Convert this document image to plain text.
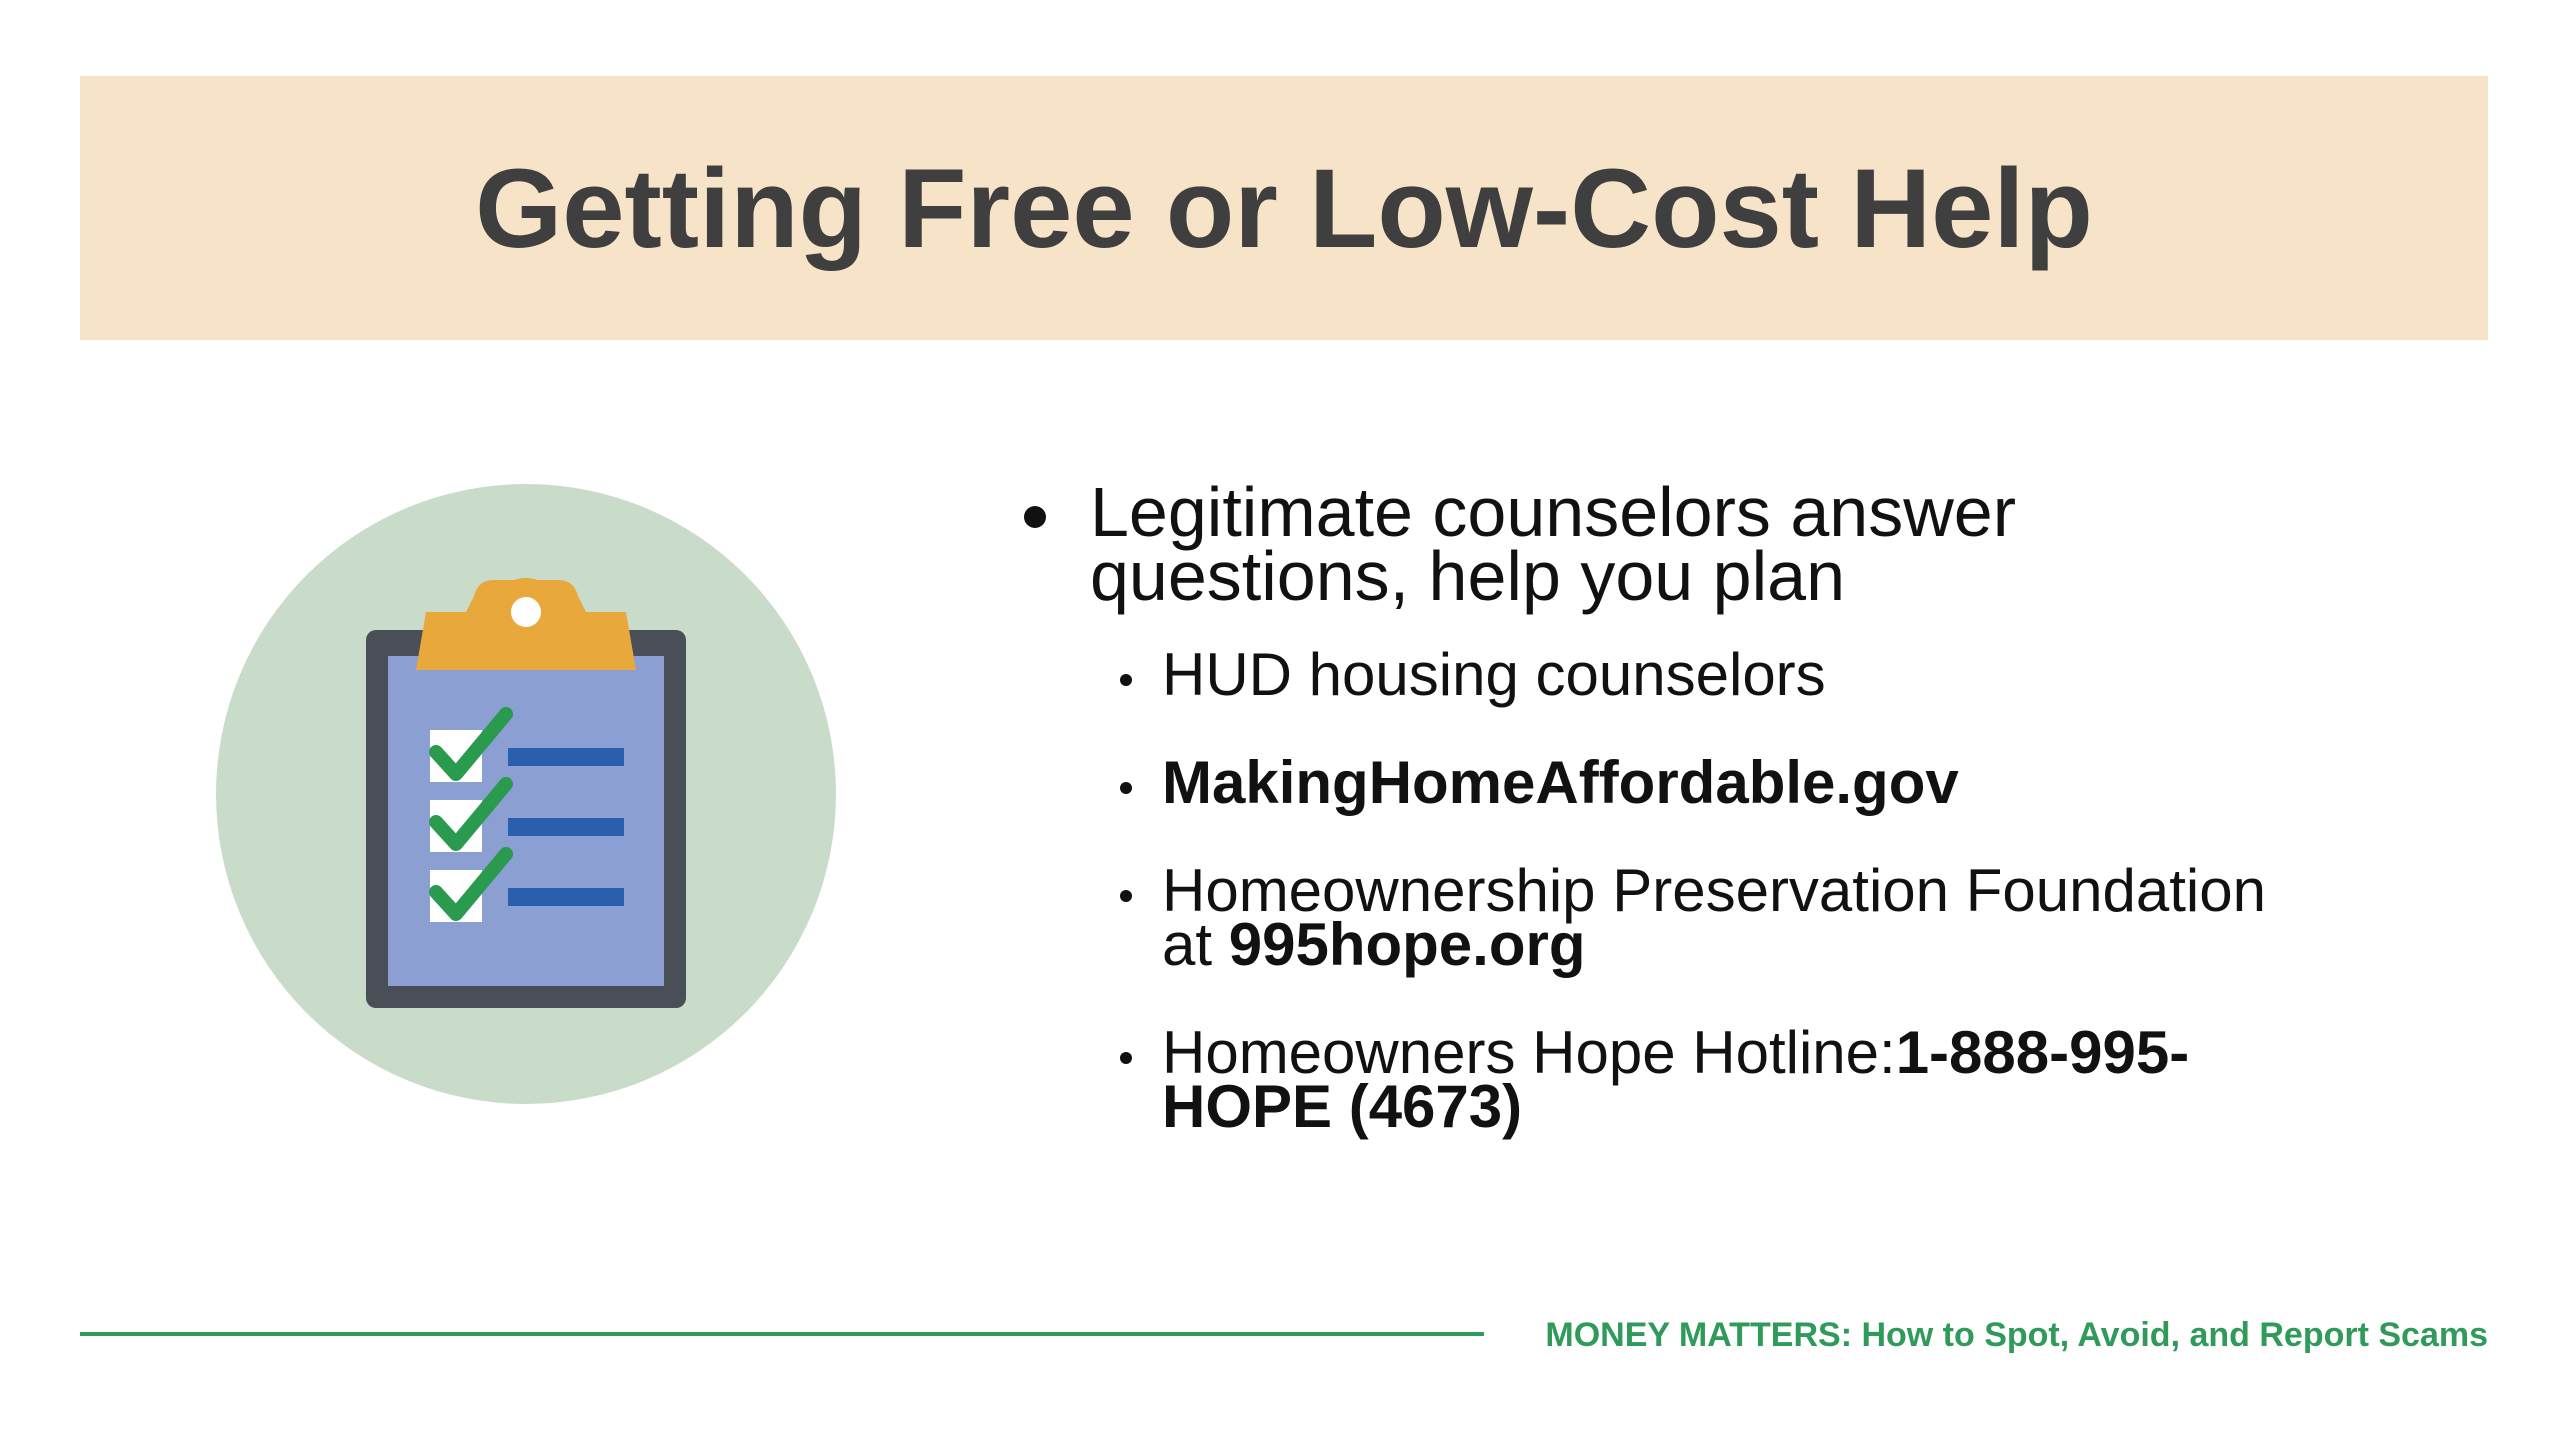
Getting Free or Low-Cost Help
Legitimate counselors answer
questions, help you plan
HUD housing counselors
MakingHomeAffordable.gov
Homeownership Preservation Foundation
at 995hope.org
Homeowners Hope Hotline:1-888-995-
HOPE (4673)
MONEY MATTERS: How to Spot, Avoid, and Report Scams
